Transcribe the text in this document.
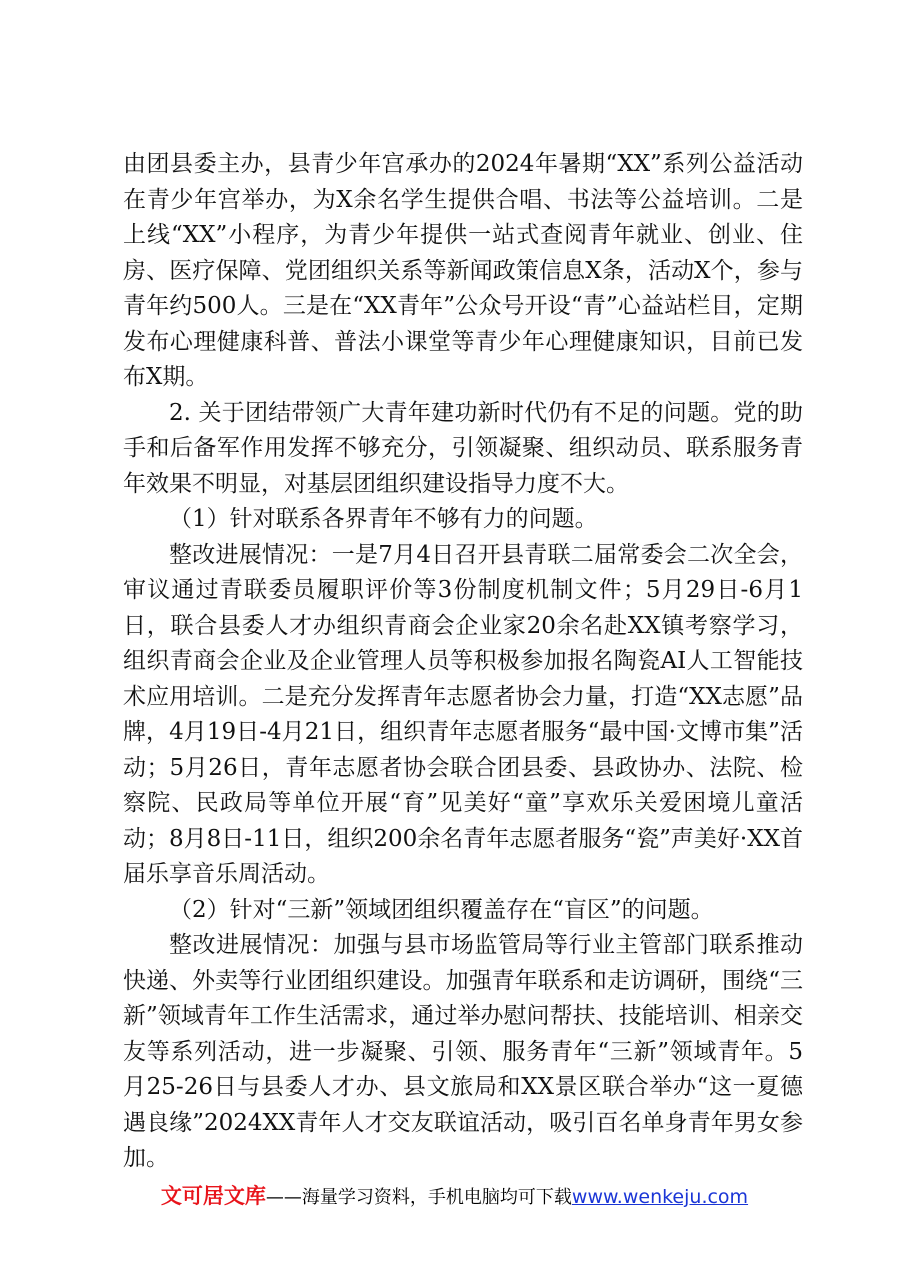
由团县委主办，县青少年宫承办的2024年暑期“XX”系列公益活动在青少年宫举办，为X余名学生提供合唱、书法等公益培训。二是上线“XX”小程序，为青少年提供一站式查阅青年就业、创业、住房、医疗保障、党团组织关系等新闻政策信息X条，活动X个，参与青年约500人。三是在“XX青年”公众号开设“青”心益站栏目，定期发布心理健康科普、普法小课堂等青少年心理健康知识，目前已发布X期。

2. 关于团结带领广大青年建功新时代仍有不足的问题。党的助手和后备军作用发挥不够充分，引领凝聚、组织动员、联系服务青年效果不明显，对基层团组织建设指导力度不大。

（1）针对联系各界青年不够有力的问题。

整改进展情况：一是7月4日召开县青联二届常委会二次全会，审议通过青联委员履职评价等3份制度机制文件；5月29日-6月1日，联合县委人才办组织青商会企业家20余名赴XX镇考察学习，组织青商会企业及企业管理人员等积极参加报名陶瓷AI人工智能技术应用培训。二是充分发挥青年志愿者协会力量，打造“XX志愿”品牌，4月19日-4月21日，组织青年志愿者服务“最中国·文博市集”活动；5月26日，青年志愿者协会联合团县委、县政协办、法院、检察院、民政局等单位开展“育”见美好“童”享欢乐关爱困境儿童活动；8月8日-11日，组织200余名青年志愿者服务“瓷”声美好·XX首届乐享音乐周活动。

（2）针对“三新”领域团组织覆盖存在“盲区”的问题。

整改进展情况：加强与县市场监管局等行业主管部门联系推动快递、外卖等行业团组织建设。加强青年联系和走访调研，围绕“三新”领域青年工作生活需求，通过举办慰问帮扶、技能培训、相亲交友等系列活动，进一步凝聚、引领、服务青年“三新”领域青年。5月25-26日与县委人才办、县文旅局和XX景区联合举办“这一夏德遇良缘”2024XX青年人才交友联谊活动，吸引百名单身青年男女参加。

文可居文库——海量学习资料，手机电脑均可下载www.wenkeju.com
